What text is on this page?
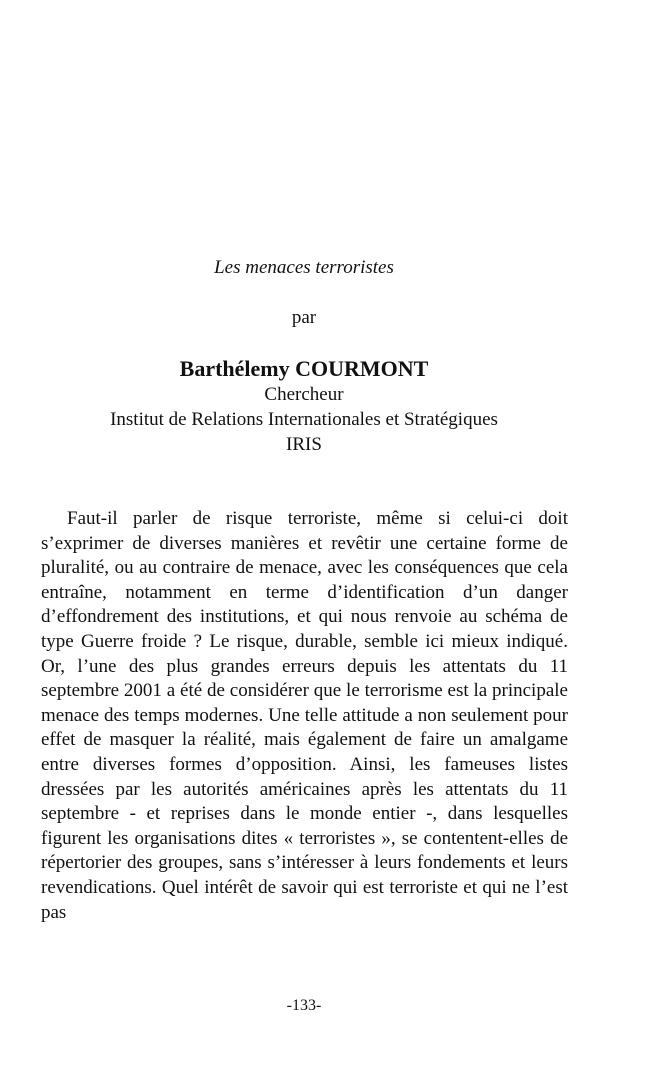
Les menaces terroristes
par
Barthélemy COURMONT
Chercheur
Institut de Relations Internationales et Stratégiques
IRIS

Faut-il parler de risque terroriste, même si celui-ci doit s’exprimer de diverses manières et revêtir une certaine forme de pluralité, ou au contraire de menace, avec les conséquences que cela entraîne, notamment en terme d’identification d’un danger d’effondrement des institutions, et qui nous renvoie au schéma de type Guerre froide ? Le risque, durable, semble ici mieux indiqué. Or, l’une des plus grandes erreurs depuis les attentats du 11 septembre 2001 a été de considérer que le terrorisme est la principale menace des temps modernes. Une telle attitude a non seulement pour effet de masquer la réalité, mais également de faire un amalgame entre diverses formes d’opposition. Ainsi, les fameuses listes dressées par les autorités américaines après les attentats du 11 septembre - et reprises dans le monde entier -, dans lesquelles figurent les organisations dites « terroristes », se contentent-elles de répertorier des groupes, sans s’intéresser à leurs fondements et leurs revendications. Quel intérêt de savoir qui est terroriste et qui ne l’est pas

-133-
